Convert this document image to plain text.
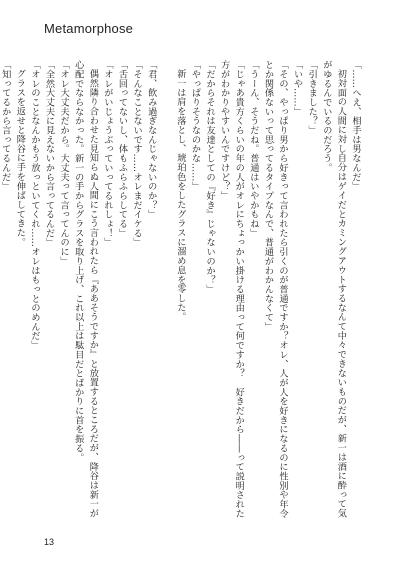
Metamorphose

「……へえ、相手は男なんだ」

初対面の人間に対し自分はゲイだとカミングアウトするなんて中々できないものだが、新一は酒に酔って気がゆるんでいるのだろう。

「引きました？」

「いや……」

「その、やっぱり男から好きって言われたら引くのが普通ですか？オレ、人が人を好きになるのに性別や年令とか関係ないって思ってるタイプなんで、普通がわかんなくて」

「うーん、そうだね。普通はいやかもね」

「じゃあ貴方くらいの年の人がオレにちょっかい掛ける理由って何ですか？　好きだから――って説明された方がわかりやすいんですけど？」

「だからそれは友達としての『好き』じゃないのか？」

「やっぱりそうなのかな……」

新一は肩を落とし、琥珀色をしたグラスに溜め息を零した。

「君、飲み過ぎなんじゃないのか？」

「そんなことないです……オレまだイケる」

「舌回ってないし、体もふらふらしてる」

「オレがいじょうぶっていってるれしょ！」

偶然隣り合わせた見知らぬ人間にこう言われたら『ああそうですか』と放置するところだが、降谷は新一が心配でならなかった。新一の手からグラスを取り上げ、これ以上は駄目だとばかりに首を振る。

「オレ大丈夫だから。大丈夫って言ってんのに」

「全然大丈夫に見えないから言ってるんだ」

「オレのことなんかもう放っといてくれ……オレはもっとのめんだ」

グラスを返せと降谷に手を伸ばしてきた。

「知ってるから言ってるんだ」

13
